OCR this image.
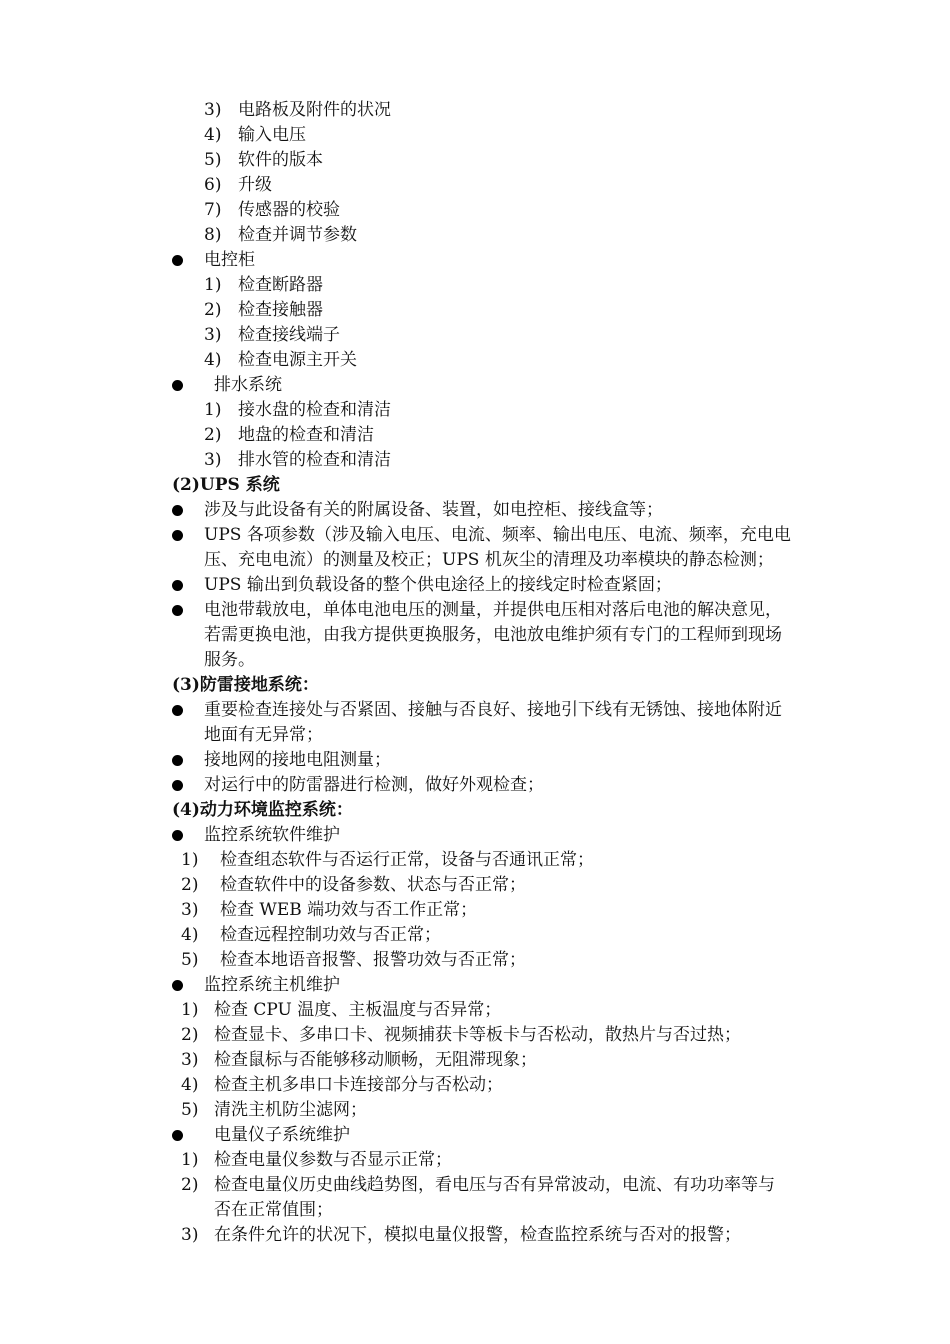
3) 电路板及附件的状况
4) 输入电压
5) 软件的版本
6) 升级
7) 传感器的校验
8) 检查并调节参数
电控柜
1) 检查断路器
2) 检查接触器
3) 检查接线端子
4) 检查电源主开关
排水系统
1) 接水盘的检查和清洁
2) 地盘的检查和清洁
3) 排水管的检查和清洁
(2)UPS 系统
涉及与此设备有关的附属设备、装置，如电控柜、接线盒等；
UPS 各项参数（涉及输入电压、电流、频率、输出电压、电流、频率，充电电
压、充电电流）的测量及校正；UPS 机灰尘的清理及功率模块的静态检测；
UPS 输出到负载设备的整个供电途径上的接线定时检查紧固；
电池带载放电，单体电池电压的测量，并提供电压相对落后电池的解决意见，
若需更换电池，由我方提供更换服务，电池放电维护须有专门的工程师到现场
服务。
(3)防雷接地系统：
重要检查连接处与否紧固、接触与否良好、接地引下线有无锈蚀、接地体附近
地面有无异常；
接地网的接地电阻测量；
对运行中的防雷器进行检测，做好外观检查；
(4)动力环境监控系统：
监控系统软件维护
1) 检查组态软件与否运行正常，设备与否通讯正常；
2) 检查软件中的设备参数、状态与否正常；
3) 检查 WEB 端功效与否工作正常；
4) 检查远程控制功效与否正常；
5) 检查本地语音报警、报警功效与否正常；
监控系统主机维护
1) 检查 CPU 温度、主板温度与否异常；
2) 检查显卡、多串口卡、视频捕获卡等板卡与否松动，散热片与否过热；
3) 检查鼠标与否能够移动顺畅，无阻滞现象；
4) 检查主机多串口卡连接部分与否松动；
5) 清洗主机防尘滤网；
电量仪子系统维护
1) 检查电量仪参数与否显示正常；
2) 检查电量仪历史曲线趋势图，看电压与否有异常波动，电流、有功功率等与
否在正常值围；
3) 在条件允许的状况下，模拟电量仪报警，检查监控系统与否对的报警；
